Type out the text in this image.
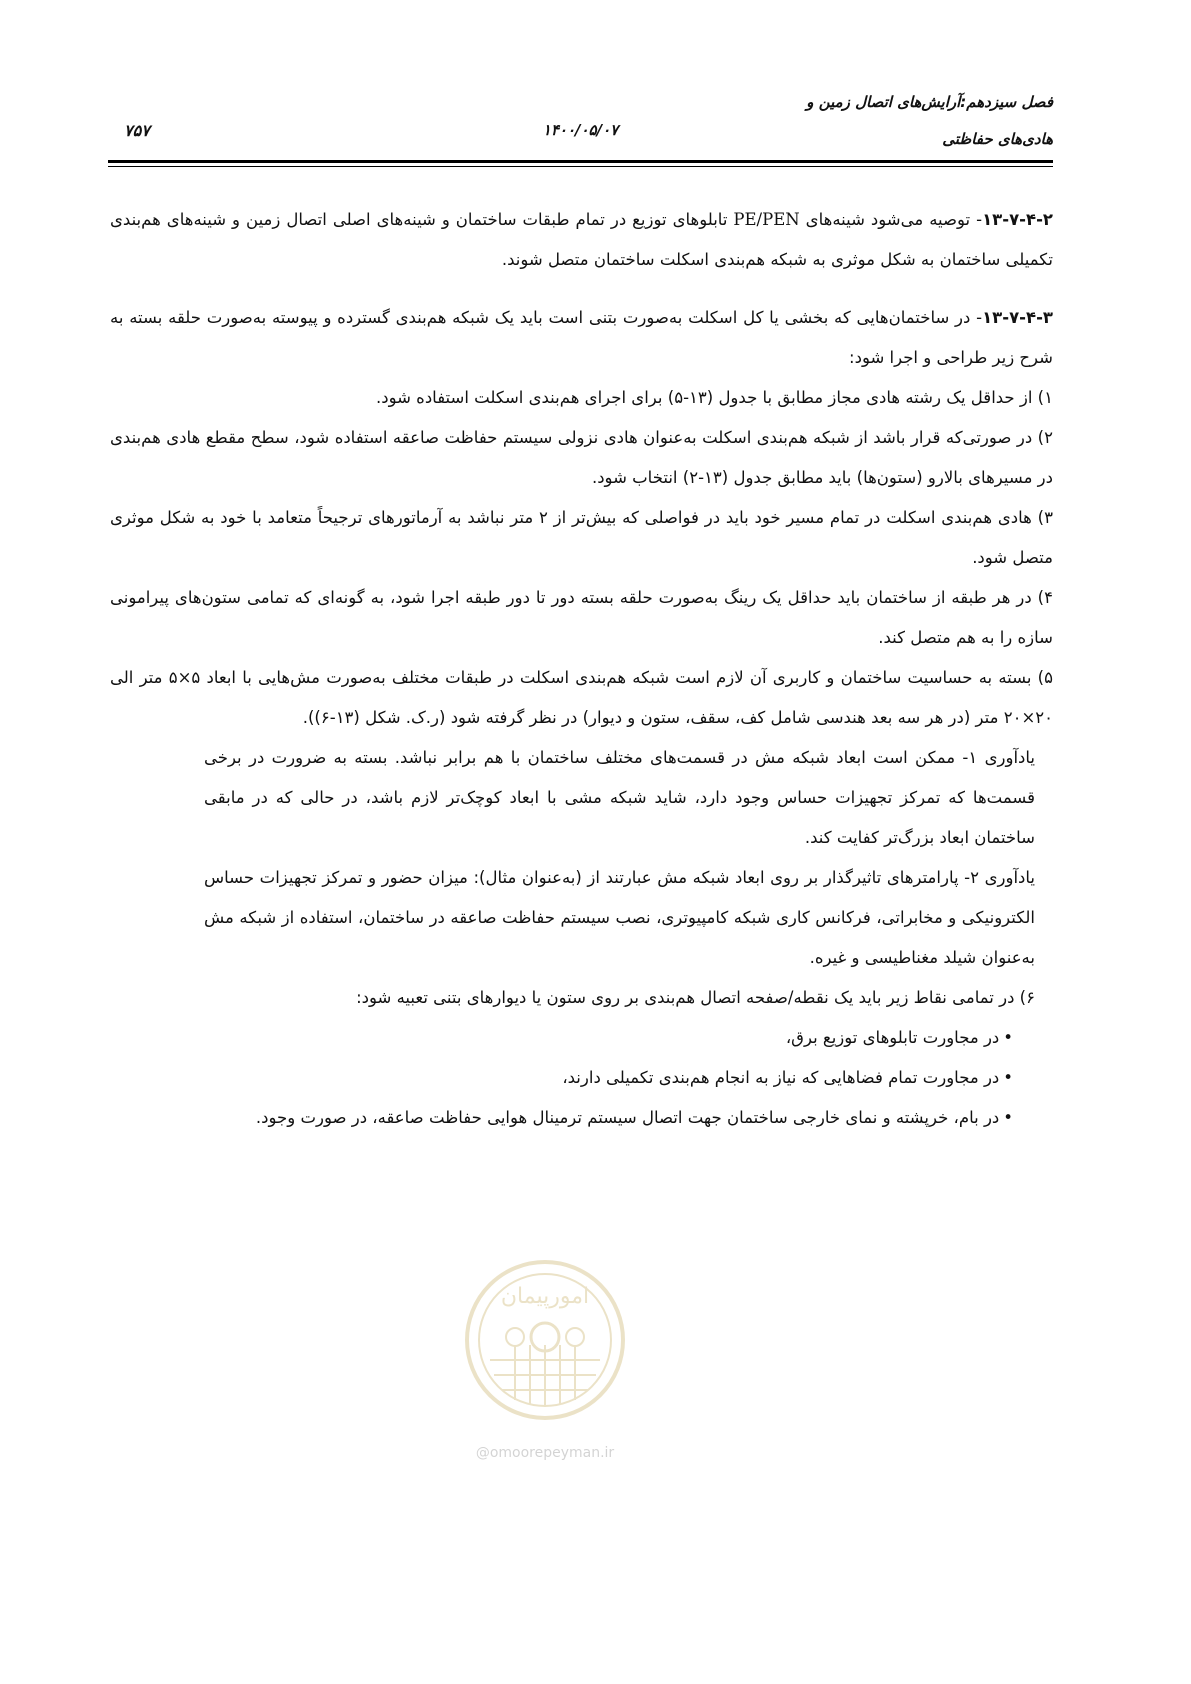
فصل سیزدهم:آرایش‌های اتصال زمین و
هادی‌های حفاظتی
۱۴۰۰/۰۵/۰۷
۷۵۷

۱۳-۷-۴-۲- توصیه می‌شود شینه‌های PE/PEN تابلوهای توزیع در تمام طبقات ساختمان و شینه‌های اصلی اتصال زمین و شینه‌های هم‌بندی تکمیلی ساختمان به شکل موثری به شبکه هم‌بندی اسکلت ساختمان متصل شوند.

۱۳-۷-۴-۳- در ساختمان‌هایی که بخشی یا کل اسکلت به‌صورت بتنی است باید یک شبکه هم‌بندی گسترده و پیوسته به‌صورت حلقه بسته به شرح زیر طراحی و اجرا شود:

۱) از حداقل یک رشته هادی مجاز مطابق با جدول (۱۳-۵) برای اجرای هم‌بندی اسکلت استفاده شود.

۲) در صورتی‌که قرار باشد از شبکه هم‌بندی اسکلت به‌عنوان هادی نزولی سیستم حفاظت صاعقه استفاده شود، سطح مقطع هادی هم‌بندی در مسیرهای بالارو (ستون‌ها) باید مطابق جدول (۱۳-۲) انتخاب شود.

۳) هادی هم‌بندی اسکلت در تمام مسیر خود باید در فواصلی که بیش‌تر از ۲ متر نباشد به آرماتورهای ترجیحاً متعامد با خود به شکل موثری متصل شود.

۴) در هر طبقه از ساختمان باید حداقل یک رینگ به‌صورت حلقه بسته دور تا دور طبقه اجرا شود، به گونه‌ای که تمامی ستون‌های پیرامونی سازه را به هم متصل کند.

۵) بسته به حساسیت ساختمان و کاربری آن لازم است شبکه هم‌بندی اسکلت در طبقات مختلف به‌صورت مش‌هایی با ابعاد ۵×۵ متر الی ۲۰×۲۰ متر (در هر سه بعد هندسی شامل کف، سقف، ستون و دیوار) در نظر گرفته شود (ر.ک. شکل (۱۳-۶)).

یادآوری ۱- ممکن است ابعاد شبکه مش در قسمت‌های مختلف ساختمان با هم برابر نباشد. بسته به ضرورت در برخی قسمت‌ها که تمرکز تجهیزات حساس وجود دارد، شاید شبکه مشی با ابعاد کوچک‌تر لازم باشد، در حالی که در مابقی ساختمان ابعاد بزرگ‌تر کفایت کند.

یادآوری ۲- پارامترهای تاثیرگذار بر روی ابعاد شبکه مش عبارتند از (به‌عنوان مثال): میزان حضور و تمرکز تجهیزات حساس الکترونیکی و مخابراتی، فرکانس کاری شبکه کامپیوتری، نصب سیستم حفاظت صاعقه در ساختمان، استفاده از شبکه مش به‌عنوان شیلد مغناطیسی و غیره.

۶) در تمامی نقاط زیر باید یک نقطه/صفحه اتصال هم‌بندی بر روی ستون یا دیوارهای بتنی تعبیه شود:

•در مجاورت تابلوهای توزیع برق،

•در مجاورت تمام فضاهایی که نیاز به انجام هم‌بندی تکمیلی دارند،

•در بام، خرپشته و نمای خارجی ساختمان جهت اتصال سیستم ترمینال هوایی حفاظت صاعقه، در صورت وجود.

امورپیمان
@omoorepeyman.ir
